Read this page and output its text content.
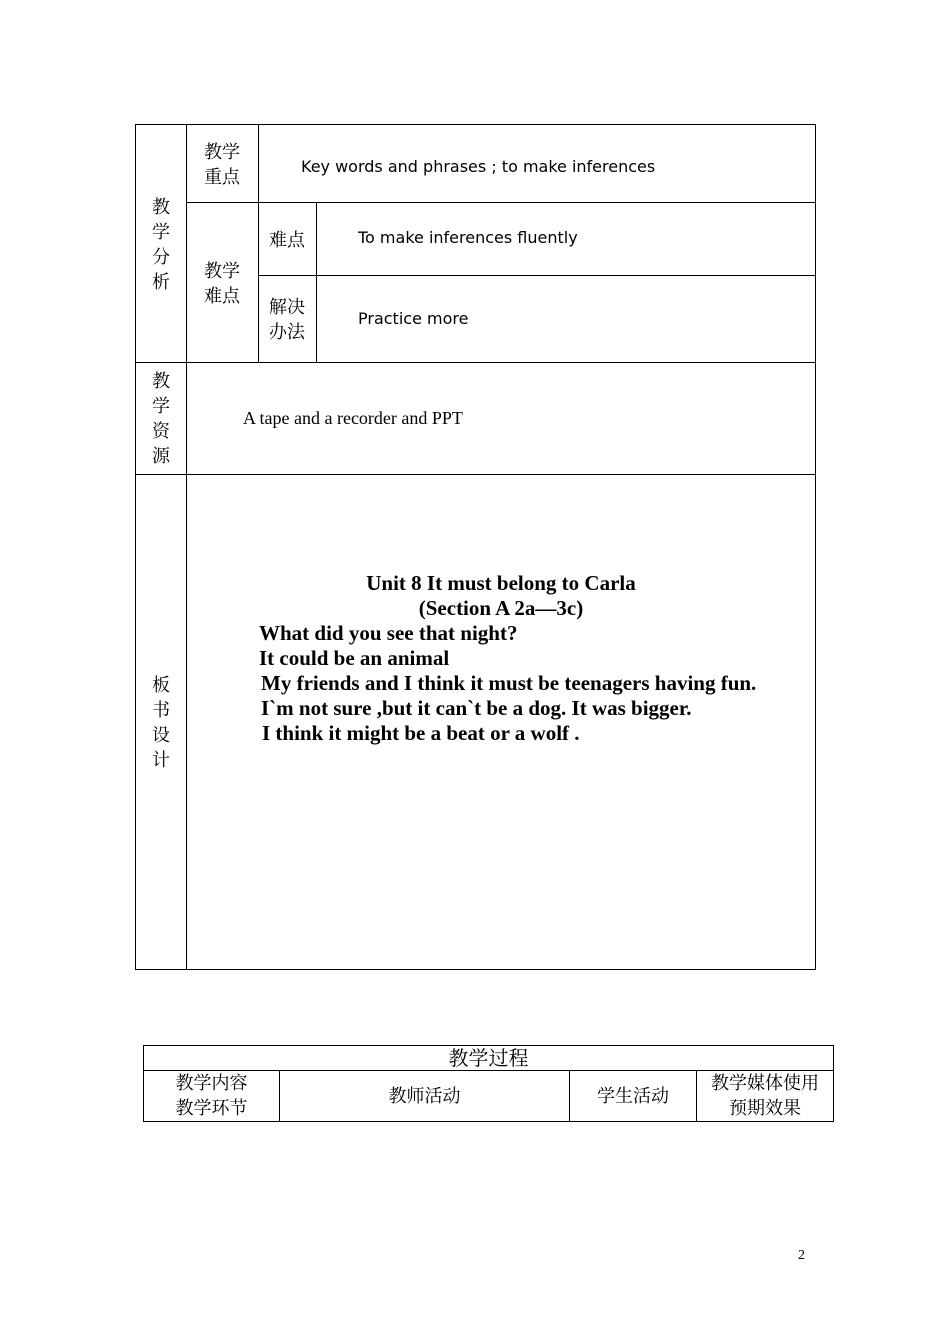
教
学
分
析
教学
重点
Key words and phrases ; to make inferences
教学
难点
难点	To make inferences fluently
解决
办法
Practice more
教
学
资
源
A tape and a recorder and PPT
板
书
设
计
Unit 8 It must belong to Carla
(Section A 2a—3c)
What did you see that night?
It could be an animal
My friends and I think it must be teenagers having fun.
I`m not sure ,but it can`t be a dog. It was bigger.
I think it might be a beat or a wolf .
教学过程
教学内容
教学环节
教师活动	学生活动
教学媒体使用
预期效果
2
